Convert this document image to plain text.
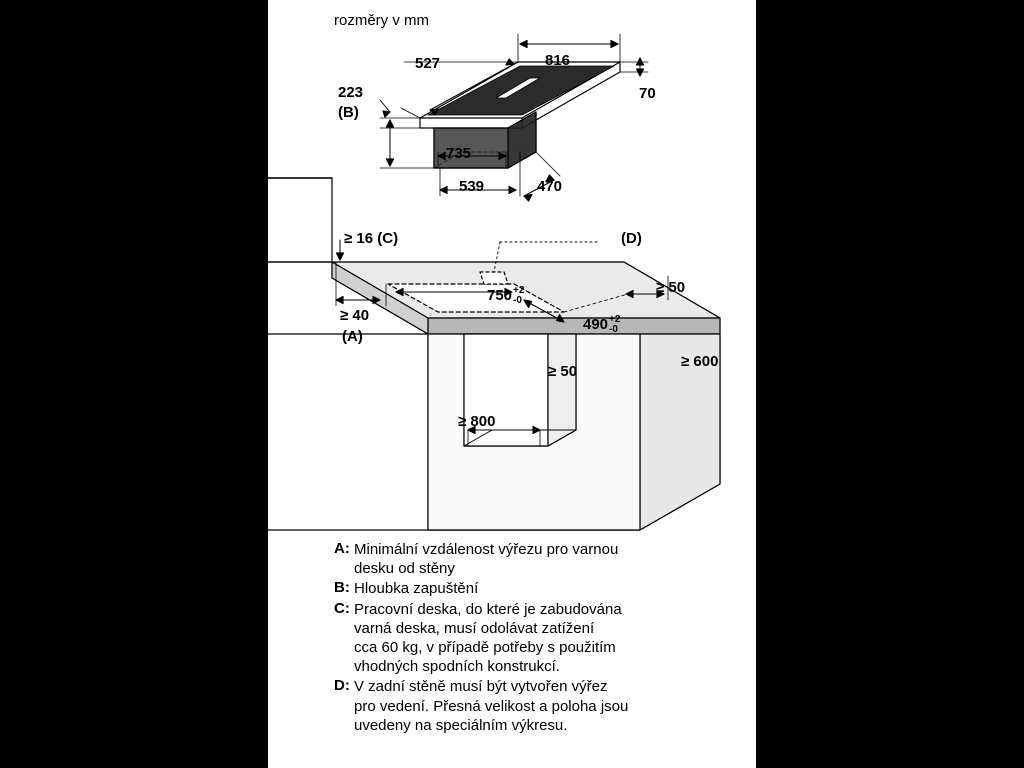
rozměry v mm
816
527
70
223
(B)
735
539	470
≥ 16 (C)	(D)
750 +2
-0
490 +2
-0
≥ 40
(A)
≥ 50
≥ 50
≥ 600
≥ 800
A: Minimální vzdálenost výřezu pro varnou
desku od stěny
B: Hloubka zapuštění
C: Pracovní deska, do které je zabudována
varná deska, musí odolávat zatížení
cca 60 kg, v případě potřeby s použitím
vhodných spodních konstrukcí.
D: V zadní stěně musí být vytvořen výřez
pro vedení. Přesná velikost a poloha jsou
uvedeny na speciálním výkresu.
